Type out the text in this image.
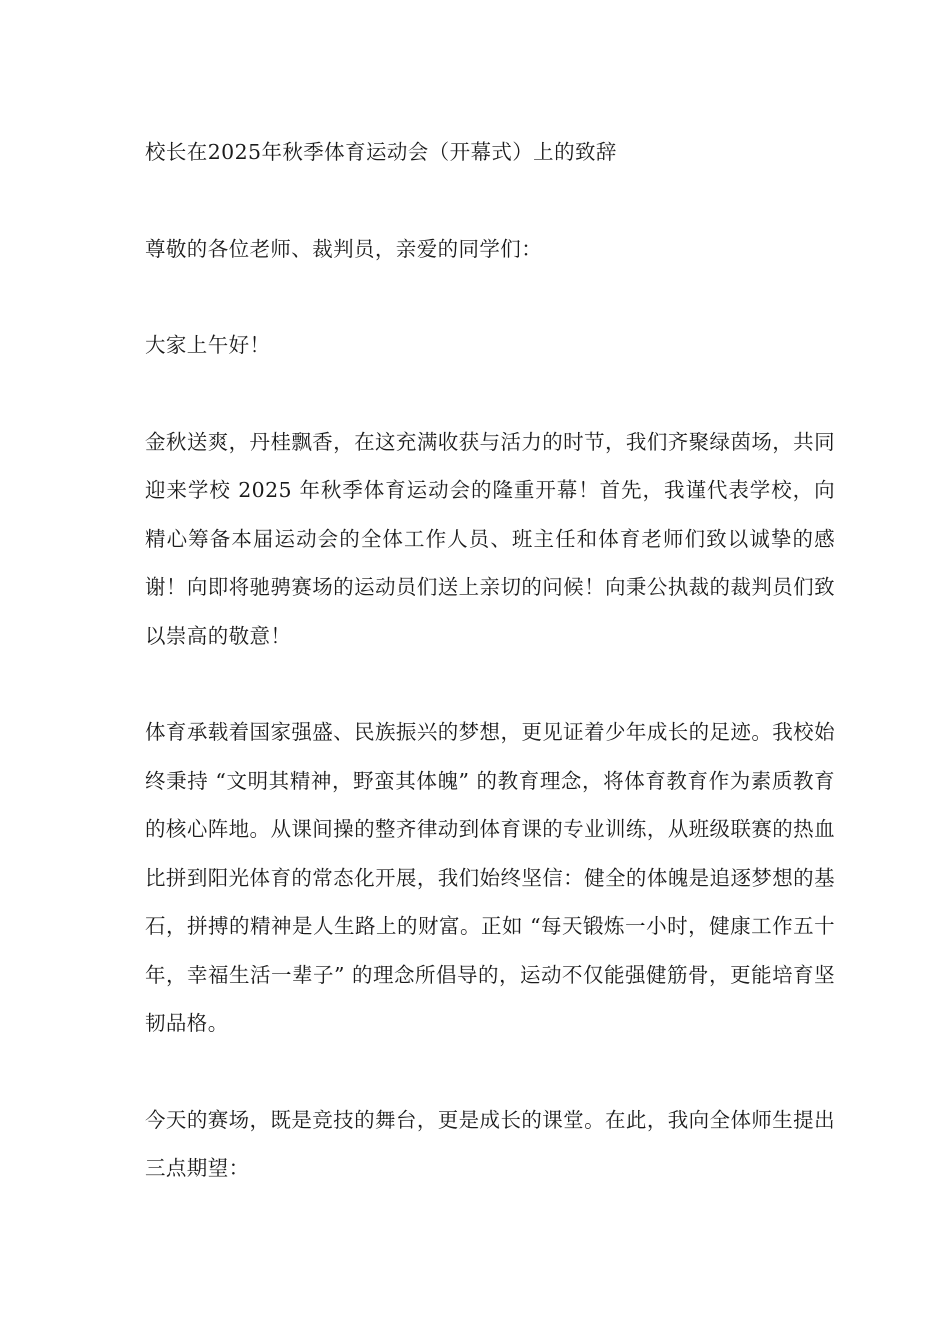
校长在2025年秋季体育运动会（开幕式）上的致辞

尊敬的各位老师、裁判员，亲爱的同学们：

大家上午好！

金秋送爽，丹桂飘香，在这充满收获与活力的时节，我们齐聚绿茵场，共同迎来学校 2025 年秋季体育运动会的隆重开幕！首先，我谨代表学校，向精心筹备本届运动会的全体工作人员、班主任和体育老师们致以诚挚的感谢！向即将驰骋赛场的运动员们送上亲切的问候！向秉公执裁的裁判员们致以崇高的敬意！

体育承载着国家强盛、民族振兴的梦想，更见证着少年成长的足迹。我校始终秉持 “文明其精神，野蛮其体魄” 的教育理念，将体育教育作为素质教育的核心阵地。从课间操的整齐律动到体育课的专业训练，从班级联赛的热血比拼到阳光体育的常态化开展，我们始终坚信：健全的体魄是追逐梦想的基石，拼搏的精神是人生路上的财富。正如 “每天锻炼一小时，健康工作五十年，幸福生活一辈子” 的理念所倡导的，运动不仅能强健筋骨，更能培育坚韧品格。

今天的赛场，既是竞技的舞台，更是成长的课堂。在此，我向全体师生提出三点期望：
